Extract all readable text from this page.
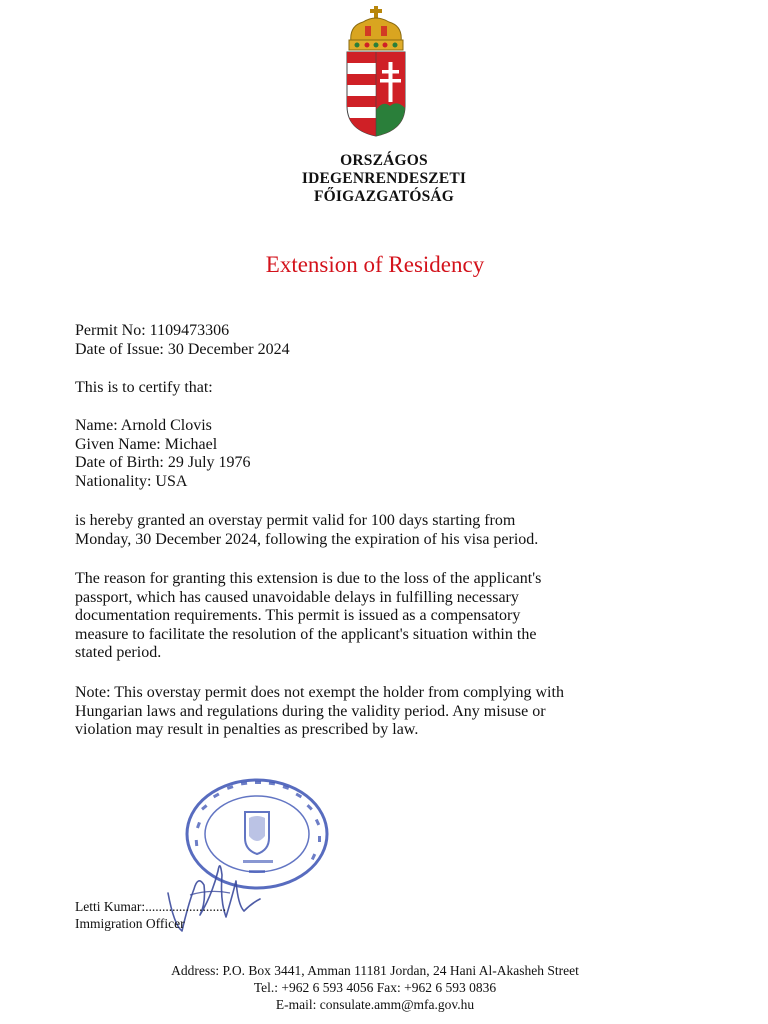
ORSZÁGOS
IDEGENRENDESZETI
FŐIGAZGATÓSÁG
Extension of Residency

Permit No: 1109473306

Date of Issue: 30 December 2024

This is to certify that:

Name: Arnold Clovis

Given Name: Michael

Date of Birth: 29 July 1976

Nationality: USA

is hereby granted an overstay permit valid for 100 days starting from

Monday, 30 December 2024, following the expiration of his visa period.

The reason for granting this extension is due to the loss of the applicant's

passport, which has caused unavoidable delays in fulfilling necessary

documentation requirements. This permit is issued as a compensatory

measure to facilitate the resolution of the applicant's situation within the

stated period.

Note: This overstay permit does not exempt the holder from complying with

Hungarian laws and regulations during the validity period. Any misuse or

violation may result in penalties as prescribed by law.

Letti Kumar:........................
Immigration Officer
Address: P.O. Box 3441, Amman 11181 Jordan, 24 Hani Al-Akasheh Street
Tel.: +962 6 593 4056 Fax: +962 6 593 0836
E-mail: consulate.amm@mfa.gov.hu
